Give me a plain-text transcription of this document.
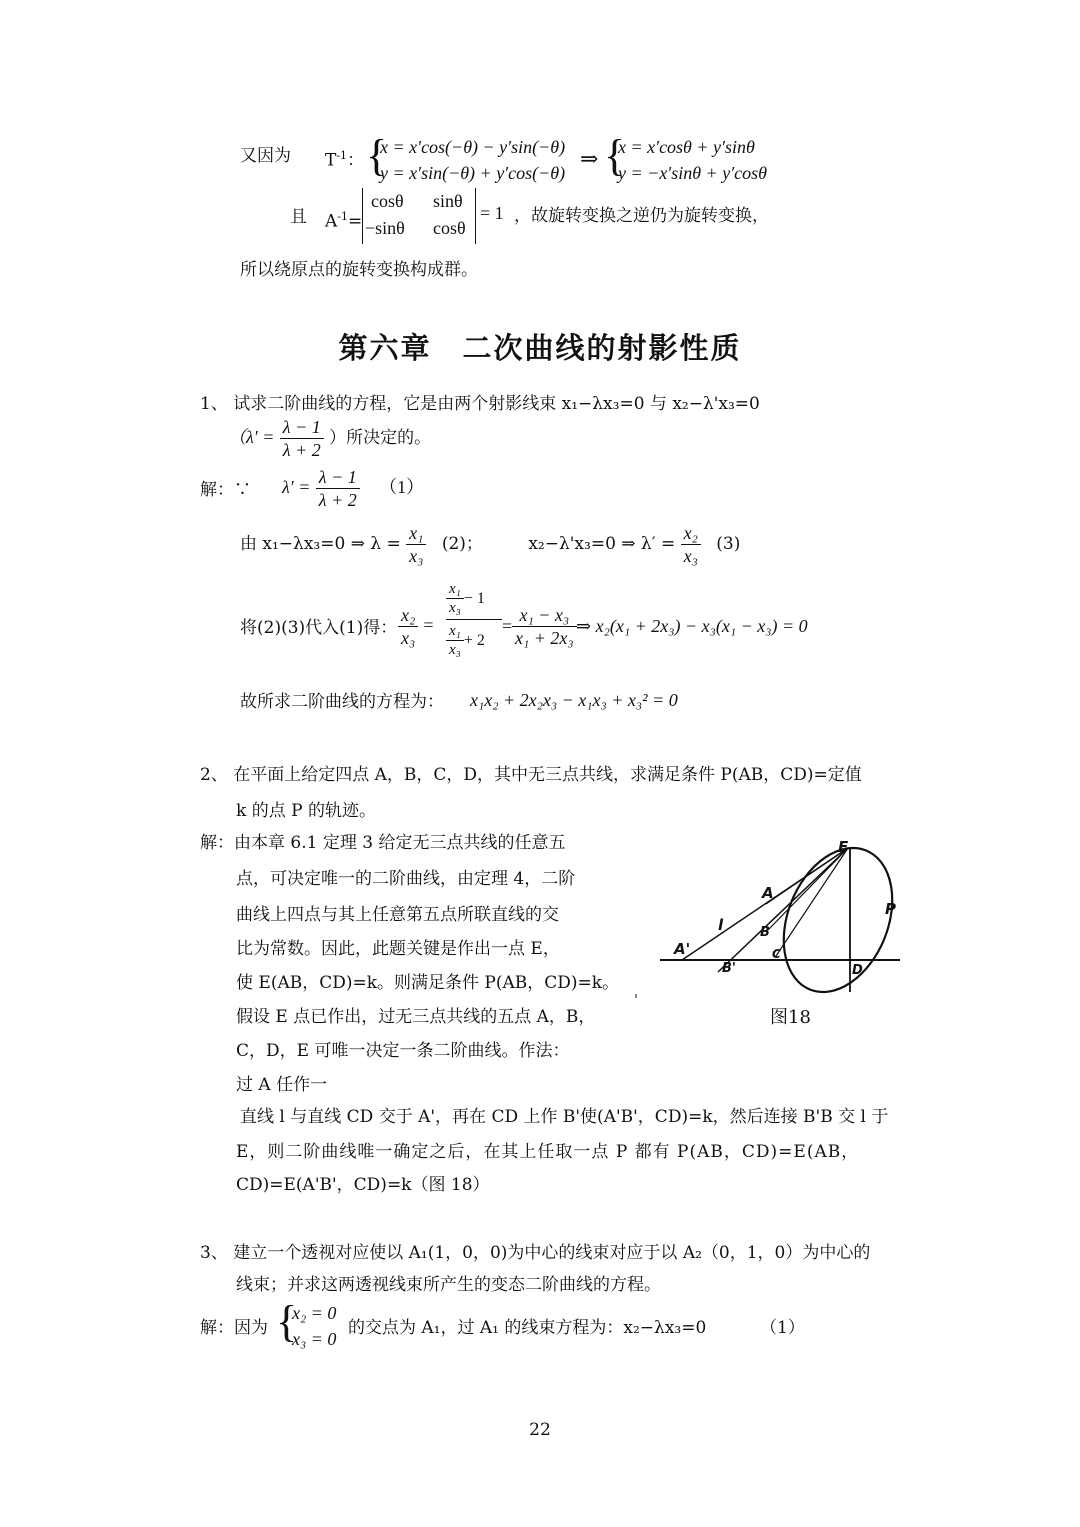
又因为 $T^{-1}$： {
x = x′cos(−θ) − y′sin(−θ)
y = x′sin(−θ) + y′cos(−θ)
⇒ {
x = x′cosθ + y′sinθ
y = −x′sinθ + y′cosθ
且 $A^{-1}=$
cosθ sinθ
−sinθ cosθ
= 1 ，故旋转变换之逆仍为旋转变换，
所以绕原点的旋转变换构成群。
第六章　二次曲线的射影性质
1、 试求二阶曲线的方程，它是由两个射影线束 x₁−λx₃=0 与 x₂−λ'x₃=0
（$\lambda' = \frac{\lambda - 1}{\lambda + 2}$ ）所决定的。
解：∵ $\lambda' = \frac{\lambda - 1}{\lambda + 2} (1)$
由 x₁−λx₃=0 ⇒ $\lambda = \frac{\text{x₁}}{\text{x₃}} (2)$；	x₂−λ'x₃=0 ⇒ $\lambda' = \frac{\text{x₂}}{\text{x₃}} (3)$
将(2)(3)代入(1)得： $\frac{\text{x₂}}{\text{x₃}}$ =
$\frac{\text{x₁}}{\text{x₃}} - 1$
$\frac{\text{x₁}}{\text{x₃}} + 2$
= $\frac{\text{x₁ − x₃}}{\text{x₁ + 2x₃}}$ ⇒ x₂(x₁ + 2x₃) − x₃(x₁ − x₃) = 0
故所求二阶曲线的方程为： x₁x₂ + 2x₂x₃ − x₁x₃ + x₃² = 0
2、 在平面上给定四点 A，B，C，D，其中无三点共线，求满足条件 P(AB，CD)=定值
k 的点 P 的轨迹。
解：由本章 6.1 定理 3 给定无三点共线的任意五
点，可决定唯一的二阶曲线，由定理 4，二阶
曲线上四点与其上任意第五点所联直线的交
比为常数。因此，此题关键是作出一点 E，
使 E(AB，CD)=k。则满足条件 P(AB，CD)=k。
假设 E 点已作出，过无三点共线的五点 A，B，
C，D，E 可唯一决定一条二阶曲线。作法：
过 A 任作一
直线 l 与直线 CD 交于 A'，再在 CD 上作 B'使(A'B'，CD)=k，然后连接 B'B 交 l 于
E，则二阶曲线唯一确定之后，在其上任取一点 P 都有 P(AB，CD)=E(AB，
CD)=E(A'B'，CD)=k（图 18）
E
A
l
P
A'
B
B'
C
D
图18
3、 建立一个透视对应使以 A₁(1，0，0)为中心的线束对应于以 A₂（0，1，0）为中心的
线束；并求这两透视线束所产生的变态二阶曲线的方程。
解：因为 {
x₂ = 0
x₃ = 0
的交点为 A₁，过 A₁ 的线束方程为：x₂−λx₃=0	（1）
22
